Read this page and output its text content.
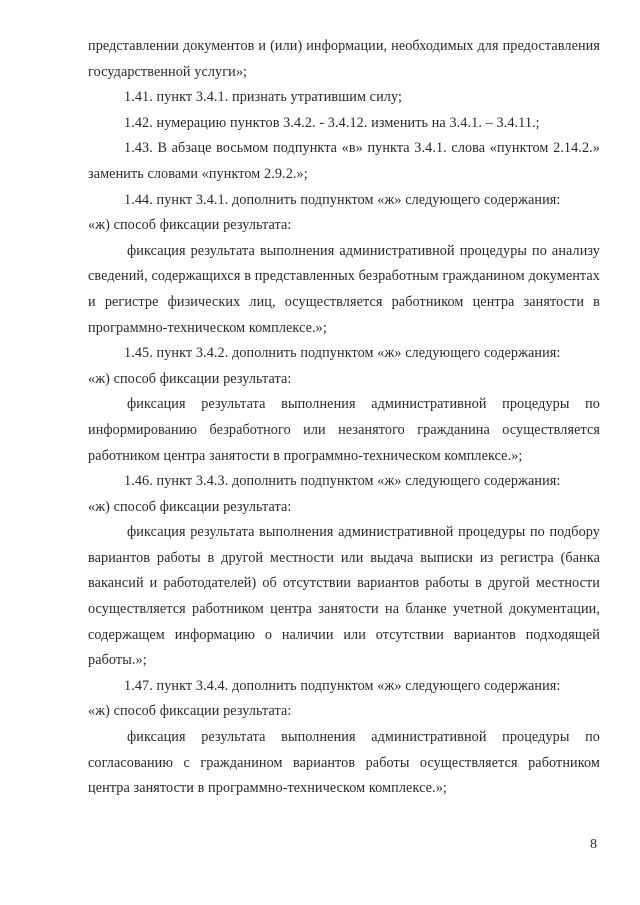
представлении документов и (или) информации, необходимых для предоставления государственной услуги»;

1.41. пункт 3.4.1. признать утратившим силу;

1.42. нумерацию пунктов 3.4.2. - 3.4.12. изменить на 3.4.1. – 3.4.11.;

1.43. В абзаце восьмом подпункта «в» пункта 3.4.1. слова «пунктом 2.14.2.» заменить словами «пунктом 2.9.2.»;

1.44. пункт 3.4.1. дополнить подпунктом «ж» следующего содержания:

«ж) способ фиксации результата:

фиксация результата выполнения административной процедуры по анализу сведений, содержащихся в представленных безработным гражданином документах и регистре физических лиц, осуществляется работником центра занятости в программно-техническом комплексе.»;

1.45. пункт 3.4.2. дополнить подпунктом «ж» следующего содержания:

«ж) способ фиксации результата:

фиксация результата выполнения административной процедуры по информированию безработного или незанятого гражданина осуществляется работником центра занятости в программно-техническом комплексе.»;

1.46. пункт 3.4.3. дополнить подпунктом «ж» следующего содержания:

«ж) способ фиксации результата:

фиксация результата выполнения административной процедуры по подбору вариантов работы в другой местности или выдача выписки из регистра (банка вакансий и работодателей) об отсутствии вариантов работы в другой местности осуществляется работником центра занятости на бланке учетной документации, содержащем информацию о наличии или отсутствии вариантов подходящей работы.»;

1.47. пункт 3.4.4. дополнить подпунктом «ж» следующего содержания:

«ж) способ фиксации результата:

фиксация результата выполнения административной процедуры по согласованию с гражданином вариантов работы осуществляется работником центра занятости в программно-техническом комплексе.»;

8
